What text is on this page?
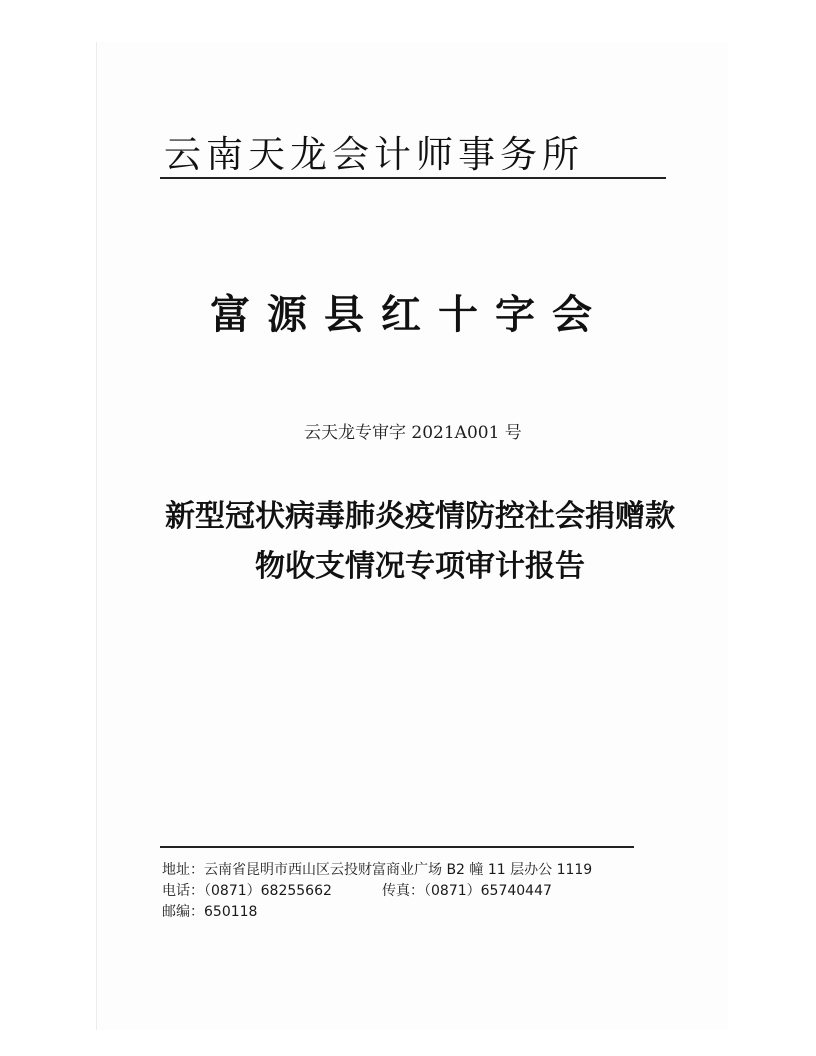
云南天龙会计师事务所
富源县红十字会
云天龙专审字 2021A001 号
新型冠状病毒肺炎疫情防控社会捐赠款
物收支情况专项审计报告
地址：云南省昆明市西山区云投财富商业广场 B2 幢 11 层办公 1119
电话：（0871）68255662	传真：（0871）65740447
邮编：650118
